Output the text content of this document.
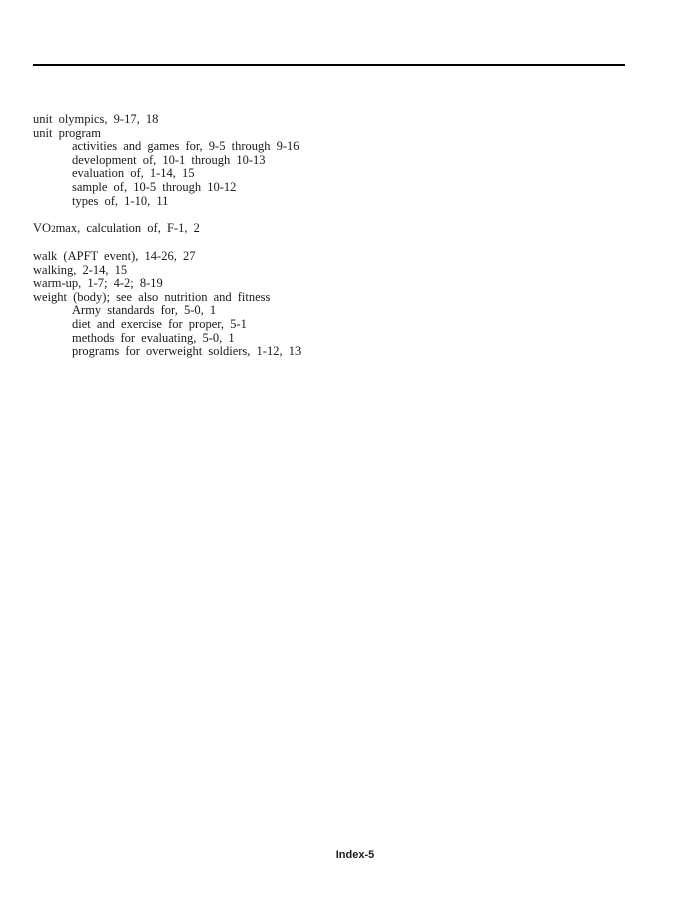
unit olympics, 9-17, 18
unit program
activities and games for, 9-5 through 9-16
development of, 10-1 through 10-13
evaluation of, 1-14, 15
sample of, 10-5 through 10-12
types of, 1-10, 11
VO2max, calculation of, F-1, 2
walk (APFT event), 14-26, 27
walking, 2-14, 15
warm-up, 1-7; 4-2; 8-19
weight (body); see also nutrition and fitness
Army standards for, 5-0, 1
diet and exercise for proper, 5-1
methods for evaluating, 5-0, 1
programs for overweight soldiers, 1-12, 13
Index-5
